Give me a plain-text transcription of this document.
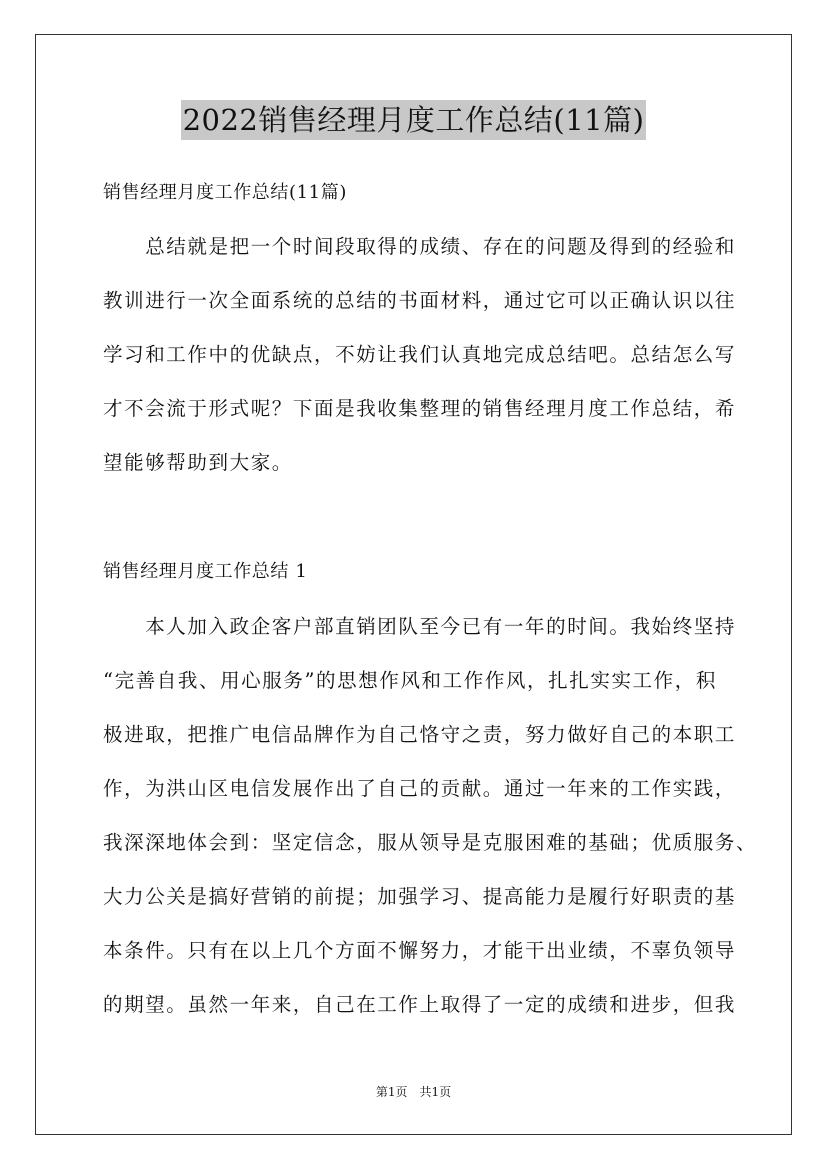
2022销售经理月度工作总结(11篇)
销售经理月度工作总结(11篇)
　　总结就是把一个时间段取得的成绩、存在的问题及得到的经验和
教训进行一次全面系统的总结的书面材料，通过它可以正确认识以往
学习和工作中的优缺点，不妨让我们认真地完成总结吧。总结怎么写
才不会流于形式呢？下面是我收集整理的销售经理月度工作总结，希
望能够帮助到大家。
销售经理月度工作总结 1
　　本人加入政企客户部直销团队至今已有一年的时间。我始终坚持
“完善自我、用心服务”的思想作风和工作作风，扎扎实实工作，积
极进取，把推广电信品牌作为自己恪守之责，努力做好自己的本职工
作，为洪山区电信发展作出了自己的贡献。通过一年来的工作实践，
我深深地体会到：坚定信念，服从领导是克服困难的基础；优质服务、
大力公关是搞好营销的前提；加强学习、提高能力是履行好职责的基
本条件。只有在以上几个方面不懈努力，才能干出业绩，不辜负领导
的期望。虽然一年来，自己在工作上取得了一定的成绩和进步，但我
第1页　共1页
